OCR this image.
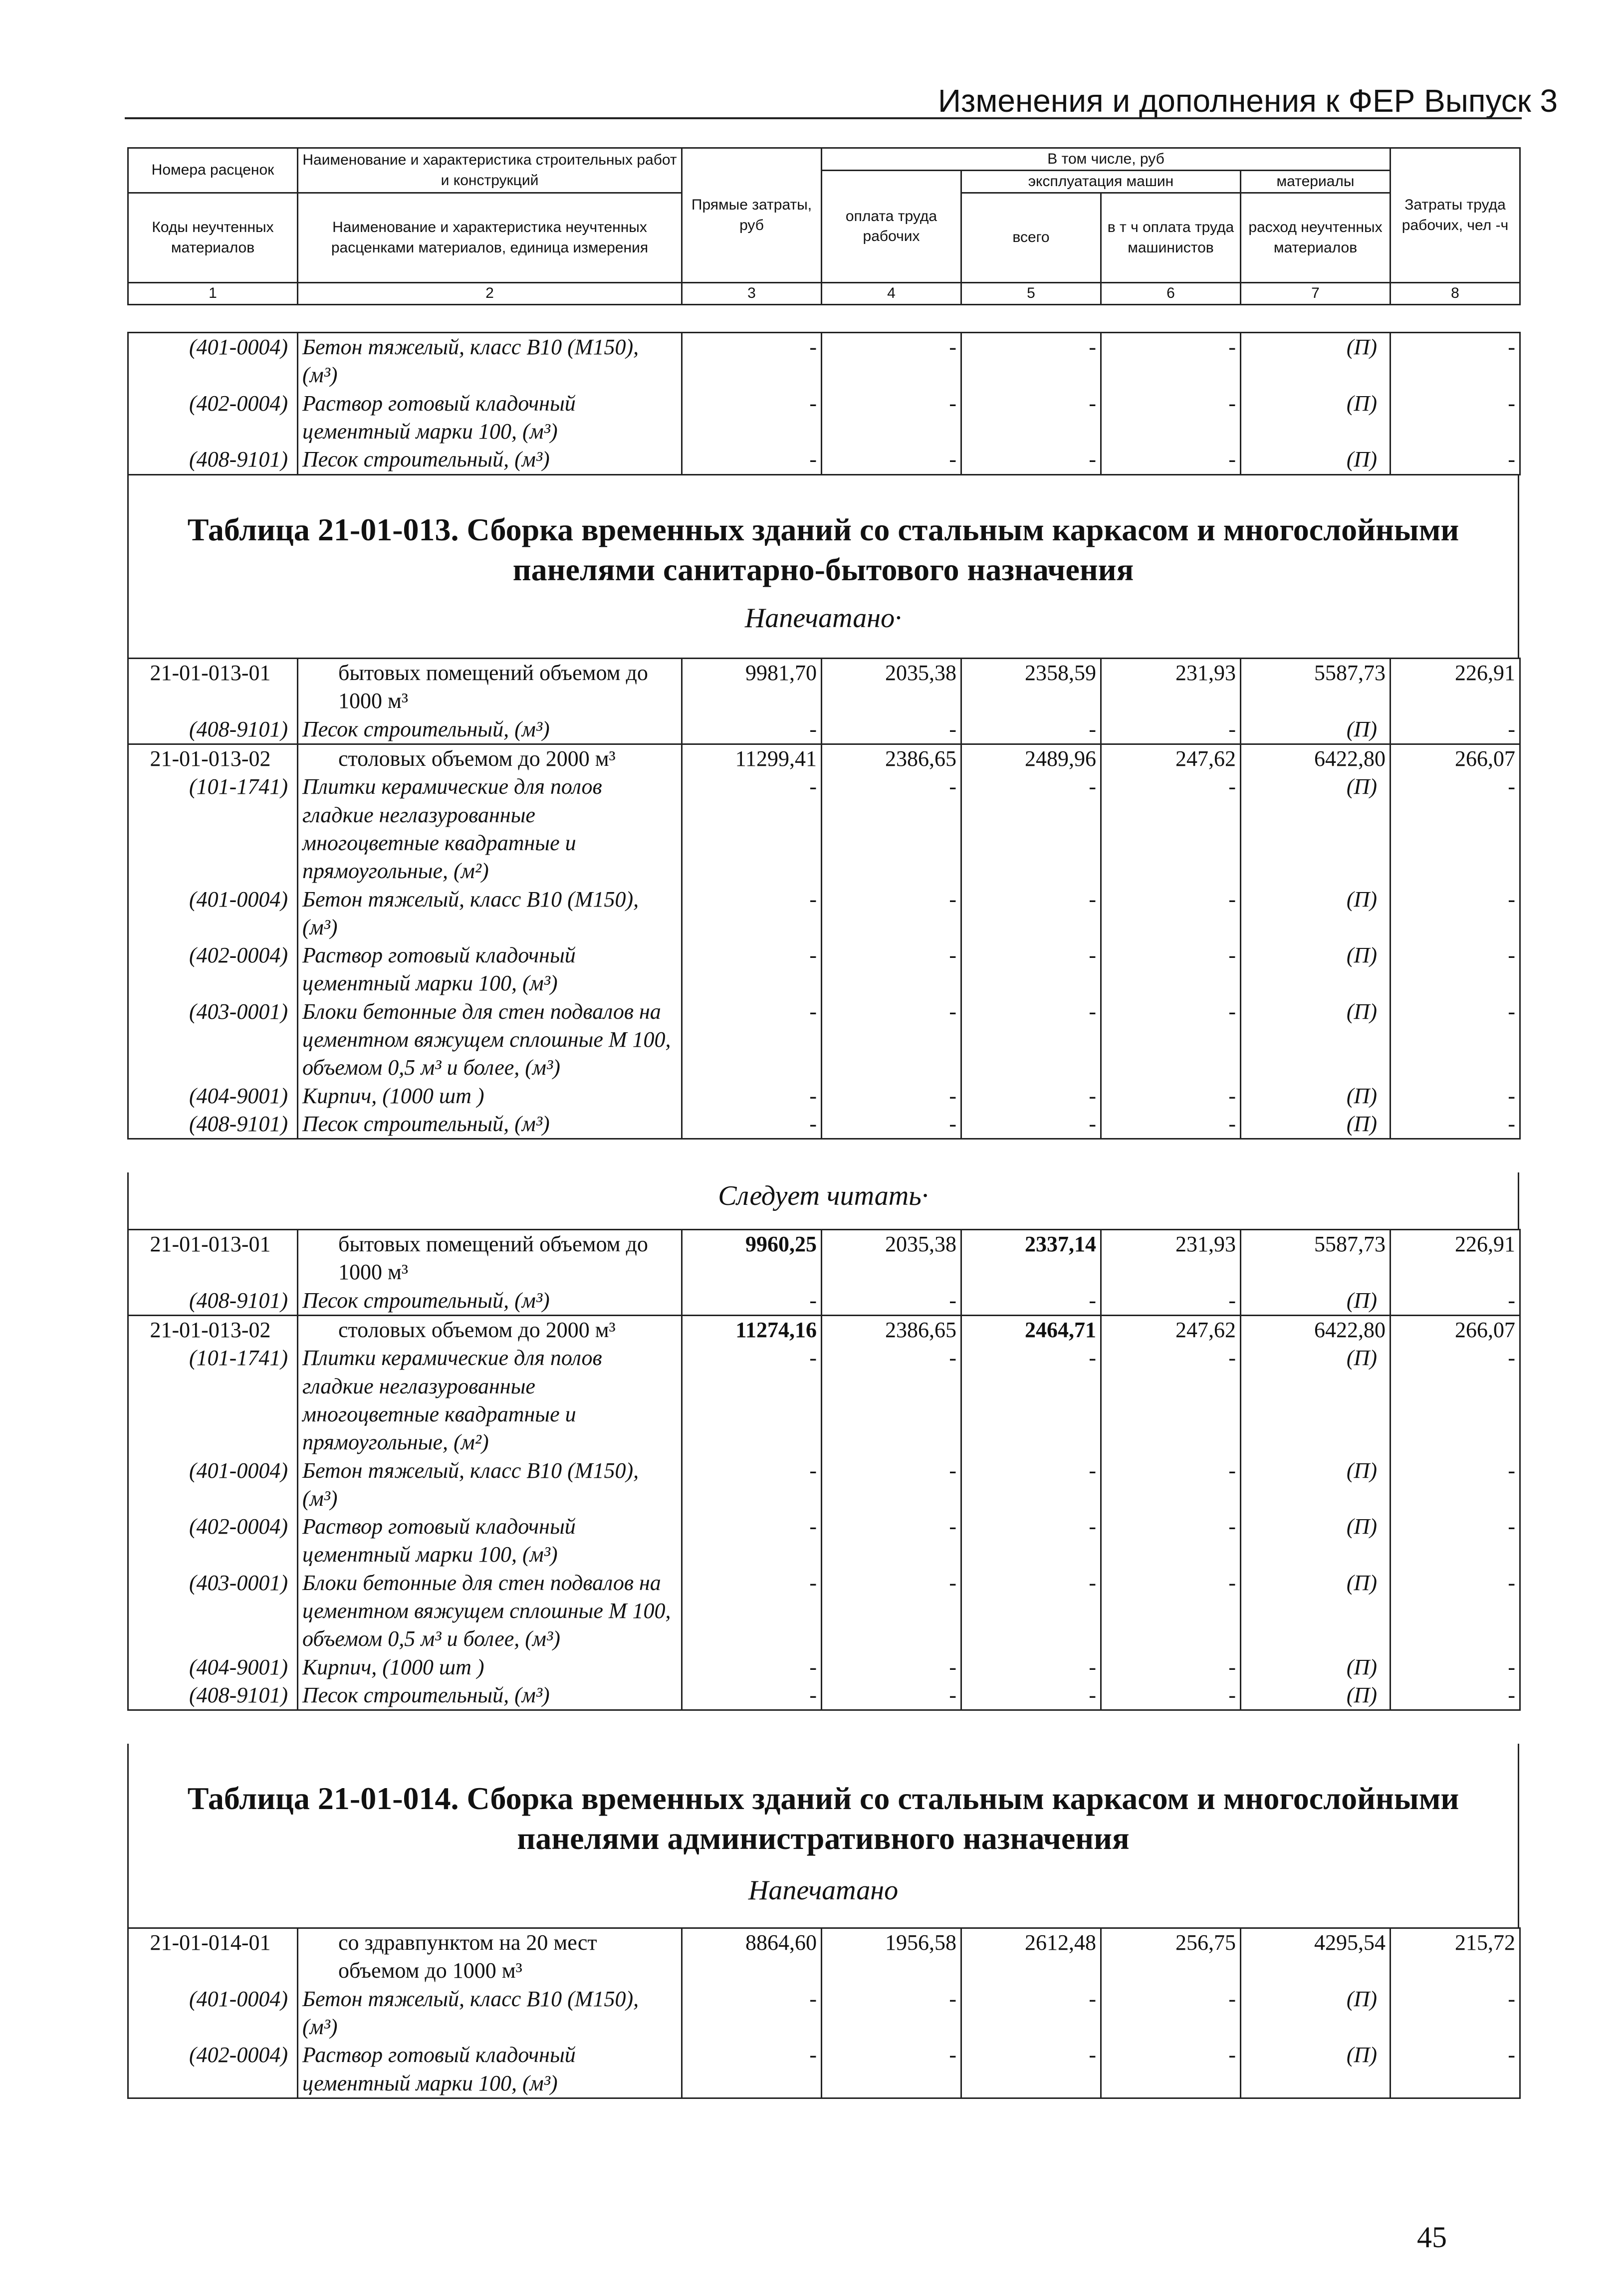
Изменения и дополнения к ФЕР Выпуск 3
Номера расценок	Наименование и характеристика строительных работ и конструкций	Прямые затраты, руб	В том числе, руб				Затраты труда рабочих, чел -ч
			оплата труда рабочих	эксплуатация машин		материалы	
Коды неучтенных материалов	Наименование и характеристика неучтенных расценками материалов, единица измерения			всего	в т ч оплата труда машинистов	расход неучтенных материалов	

1	2	3	4	5	6	7	8
(401-0004)	Бетон тяжелый, класс В10 (М150), (м³)	-	-	-	-	(П)	-
(402-0004)	Раствор готовый кладочный цементный марки 100, (м³)	-	-	-	-	(П)	-
(408-9101)	Песок строительный, (м³)	-	-	-	-	(П)	-
Таблица 21-01-013. Сборка временных зданий со стальным каркасом и многослойными
панелями санитарно-бытового назначения
Напечатано·
21-01-013-01	бытовых помещений объемом до 1000 м³	9981,70	2035,38	2358,59	231,93	5587,73	226,91
(408-9101)	Песок строительный, (м³)	-	-	-	-	(П)	-
21-01-013-02	столовых объемом до 2000 м³	11299,41	2386,65	2489,96	247,62	6422,80	266,07
(101-1741)	Плитки керамические для полов гладкие неглазурованные многоцветные квадратные и прямоугольные, (м²)	-	-	-	-	(П)	-
(401-0004)	Бетон тяжелый, класс В10 (М150), (м³)	-	-	-	-	(П)	-
(402-0004)	Раствор готовый кладочный цементный марки 100, (м³)	-	-	-	-	(П)	-
(403-0001)	Блоки бетонные для стен подвалов на цементном вяжущем сплошные М 100, объемом 0,5 м³ и более, (м³)	-	-	-	-	(П)	-
(404-9001)	Кирпич, (1000 шт )	-	-	-	-	(П)	-
(408-9101)	Песок строительный, (м³)	-	-	-	-	(П)	-
Следует читать·
21-01-013-01	бытовых помещений объемом до 1000 м³	9960,25	2035,38	2337,14	231,93	5587,73	226,91
(408-9101)	Песок строительный, (м³)	-	-	-	-	(П)	-
21-01-013-02	столовых объемом до 2000 м³	11274,16	2386,65	2464,71	247,62	6422,80	266,07
(101-1741)	Плитки керамические для полов гладкие неглазурованные многоцветные квадратные и прямоугольные, (м²)	-	-	-	-	(П)	-
(401-0004)	Бетон тяжелый, класс В10 (М150), (м³)	-	-	-	-	(П)	-
(402-0004)	Раствор готовый кладочный цементный марки 100, (м³)	-	-	-	-	(П)	-
(403-0001)	Блоки бетонные для стен подвалов на цементном вяжущем сплошные М 100, объемом 0,5 м³ и более, (м³)	-	-	-	-	(П)	-
(404-9001)	Кирпич, (1000 шт )	-	-	-	-	(П)	-
(408-9101)	Песок строительный, (м³)	-	-	-	-	(П)	-
Таблица 21-01-014. Сборка временных зданий со стальным каркасом и многослойными
панелями административного назначения
Напечатано
21-01-014-01	со здравпунктом на 20 мест объемом до 1000 м³	8864,60	1956,58	2612,48	256,75	4295,54	215,72
(401-0004)	Бетон тяжелый, класс В10 (М150), (м³)	-	-	-	-	(П)	-
(402-0004)	Раствор готовый кладочный цементный марки 100, (м³)	-	-	-	-	(П)	-
45
